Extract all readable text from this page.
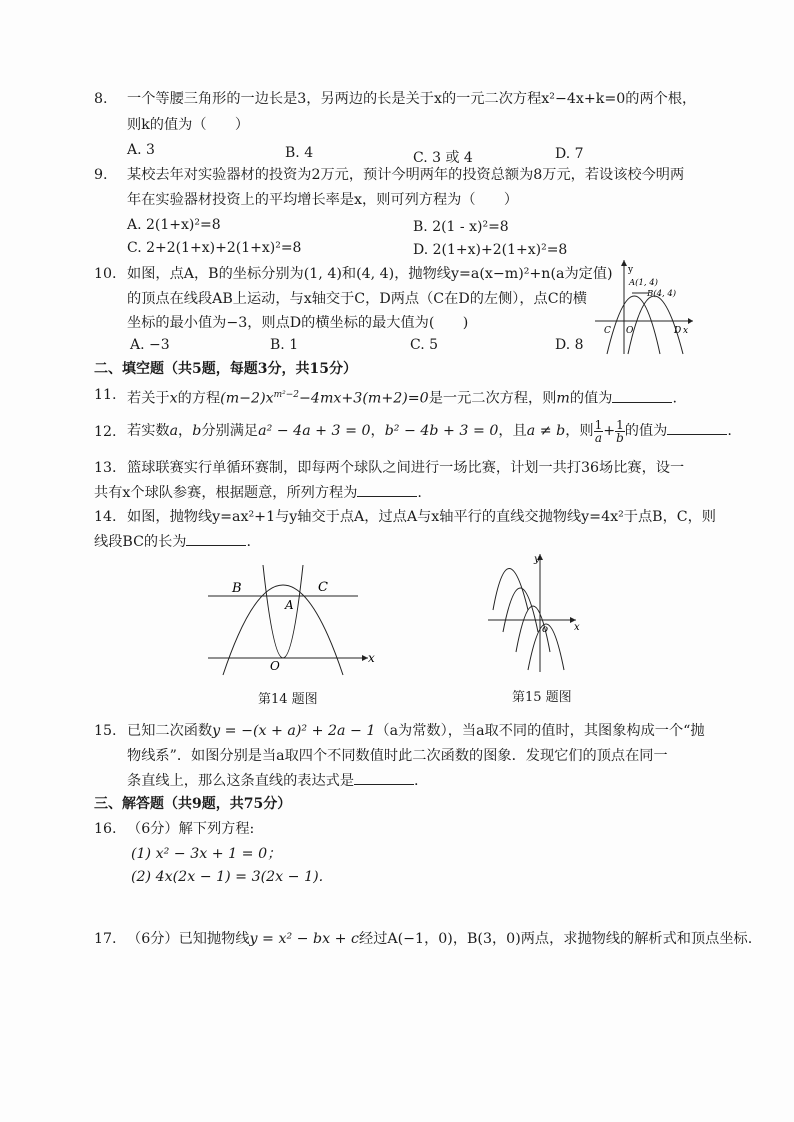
8. 一个等腰三角形的一边长是3，另两边的长是关于x的一元二次方程x²−4x+k=0的两个根，
则k的值为（　　）
A. 3	B. 4	C. 3 或 4	D. 7
9. 某校去年对实验器材的投资为2万元，预计今明两年的投资总额为8万元，若设该校今明两
年在实验器材投资上的平均增长率是x，则可列方程为（　　）
A. 2(1+x)²=8	B. 2(1 - x)²=8
C. 2+2(1+x)+2(1+x)²=8	D. 2(1+x)+2(1+x)²=8
10. 如图，点A，B的坐标分别为(1, 4)和(4, 4)，抛物线y=a(x−m)²+n(a为定值)
的顶点在线段AB上运动，与x轴交于C，D两点（C在D的左侧），点C的横
坐标的最小值为−3，则点D的横坐标的最大值为(　　)
A. −3	B. 1	C. 5	D. 8
y
A(1, 4)
B(4, 4)
C O	D x
二、填空题（共5题，每题3分，共15分）
11. 若关于x的方程$(m-2)x^{m^2-2}-4mx+3(m+2)=0$是一元二次方程，则m的值为	.
12. 若实数a，b分别满足a² − 4a + 3 = 0，b² − 4b + 3 = 0，且a ≠ b，则 $\frac{1}{a} + \frac{1}{b}$ 的值为	.
13. 篮球联赛实行单循环赛制，即每两个球队之间进行一场比赛，计划一共打36场比赛，设一
共有x个球队参赛，根据题意，所列方程为	.
14. 如图，抛物线y=ax²+1与y轴交于点A，过点A与x轴平行的直线交抛物线y=4x²于点B，C，则
线段BC的长为	.
B	C
A
O
x
第14 题图
y
x
o
第15 题图
15. 已知二次函数y = −(x + a)² + 2a − 1（a为常数），当a取不同的值时，其图象构成一个“抛
物线系”．如图分别是当a取四个不同数值时此二次函数的图象．发现它们的顶点在同一
条直线上，那么这条直线的表达式是	.
三、解答题（共9题，共75分）
16. （6分）解下列方程:
(1) x² − 3x + 1 = 0；
(2) 4x(2x − 1) = 3(2x − 1).
17. （6分）已知抛物线y = x² − bx + c经过A(−1，0)，B(3，0)两点，求抛物线的解析式和顶点坐标.
